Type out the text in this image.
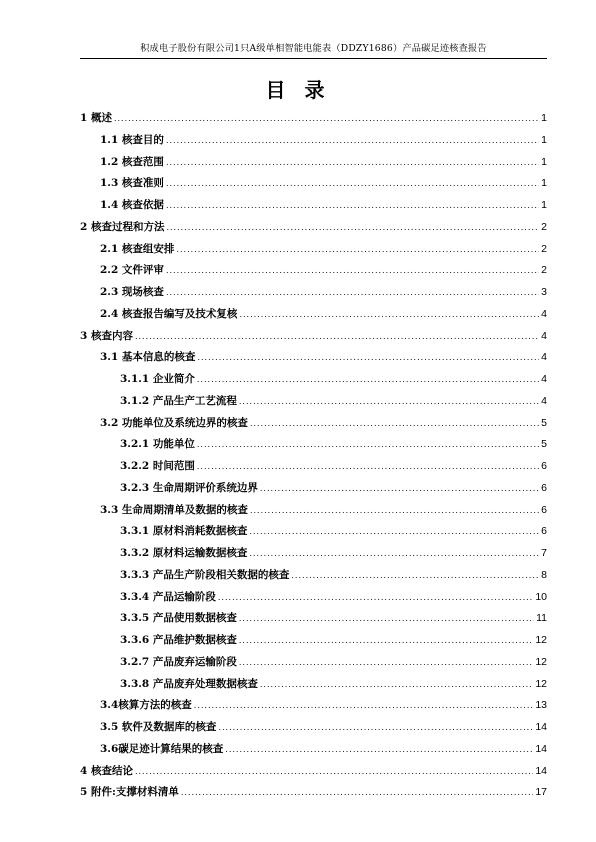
积成电子股份有限公司1只A级单相智能电能表（DDZY1686）产品碳足迹核查报告
目 录
1 概述 .....	1
1.1 核查目的 .....	1
1.2 核查范围 .....	1
1.3 核查准则 .....	1
1.4 核查依据 .....	1
2 核查过程和方法 .....	2
2.1 核查组安排 .....	2
2.2 文件评审 .....	2
2.3 现场核查 .....	3
2.4 核查报告编写及技术复核 .....	4
3 核查内容 .....	4
3.1 基本信息的核查 .....	4
3.1.1 企业简介 .....	4
3.1.2 产品生产工艺流程 .....	4
3.2 功能单位及系统边界的核查 .....	5
3.2.1 功能单位 .....	5
3.2.2 时间范围 .....	6
3.2.3 生命周期评价系统边界 .....	6
3.3 生命周期清单及数据的核查 .....	6
3.3.1 原材料消耗数据核查 .....	6
3.3.2 原材料运输数据核查 .....	7
3.3.3 产品生产阶段相关数据的核查 .....	8
3.3.4 产品运输阶段 .....	10
3.3.5 产品使用数据核查 .....	11
3.3.6 产品维护数据核查 .....	12
3.2.7 产品废弃运输阶段 .....	12
3.3.8 产品废弃处理数据核查 .....	12
3.4核算方法的核查 .....	13
3.5 软件及数据库的核查 .....	14
3.6碳足迹计算结果的核查 .....	14
4 核查结论 .....	14
5 附件:支撑材料清单 .....	17
